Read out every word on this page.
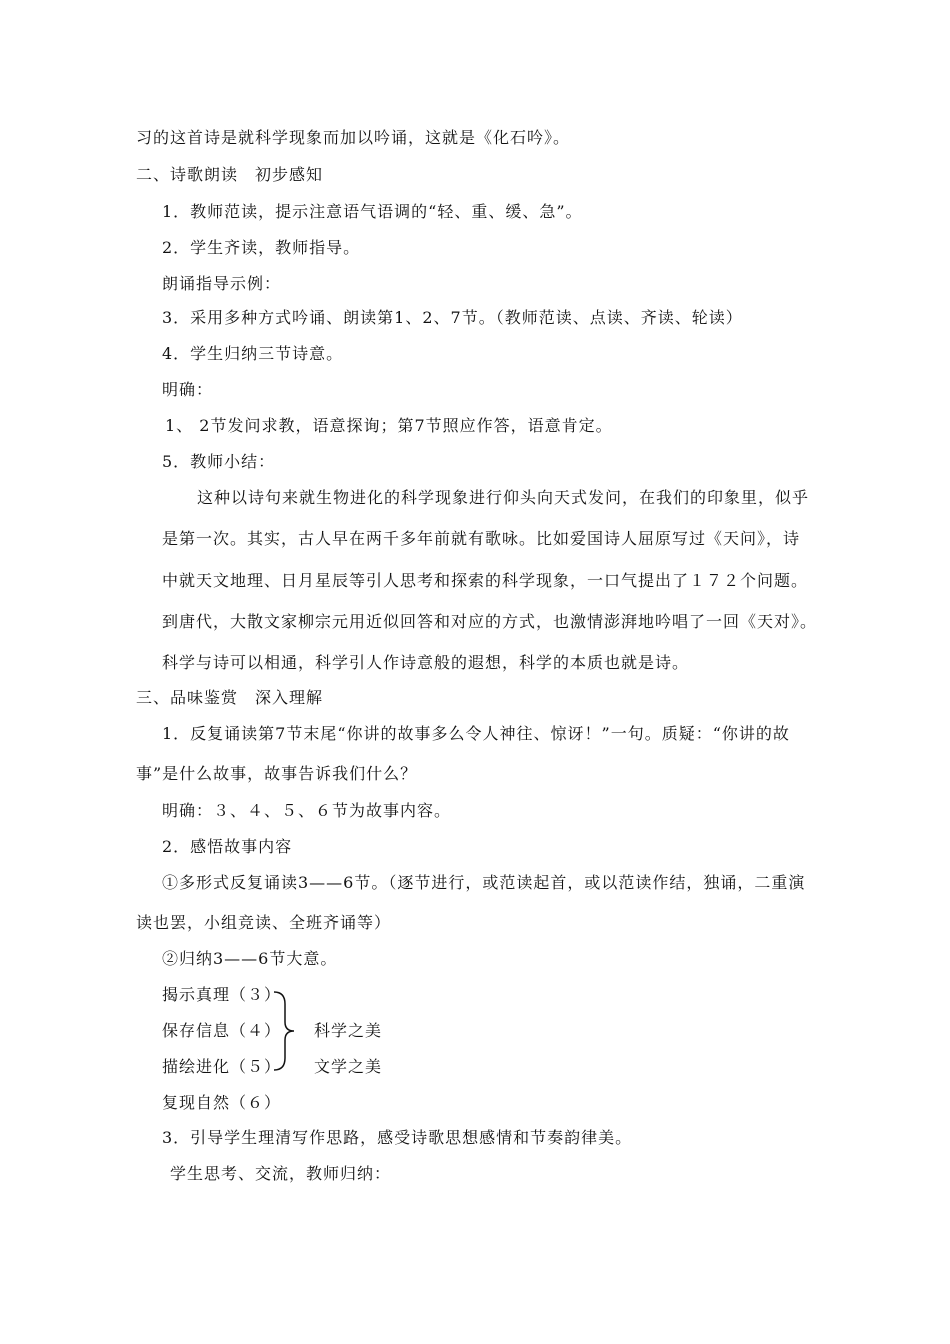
习的这首诗是就科学现象而加以吟诵，这就是《化石吟》。
二、诗歌朗读　初步感知
1．教师范读，提示注意语气语调的“轻、重、缓、急”。
2．学生齐读，教师指导。
朗诵指导示例：
3．采用多种方式吟诵、朗读第1、2、7节。（教师范读、点读、齐读、轮读）
4．学生归纳三节诗意。
明确：
1、 2节发问求教，语意探询；第7节照应作答，语意肯定。
5．教师小结：
这种以诗句来就生物进化的科学现象进行仰头向天式发问，在我们的印象里，似乎
是第一次。其实，古人早在两千多年前就有歌咏。比如爱国诗人屈原写过《天问》，诗
中就天文地理、日月星辰等引人思考和探索的科学现象，一口气提出了１７２个问题。
到唐代，大散文家柳宗元用近似回答和对应的方式，也激情澎湃地吟唱了一回《天对》。
科学与诗可以相通，科学引人作诗意般的遐想，科学的本质也就是诗。
三、品味鉴赏　深入理解
1．反复诵读第7节末尾“你讲的故事多么令人神往、惊讶！”一句。质疑：“你讲的故
事”是什么故事，故事告诉我们什么？
明确：３、４、５、６节为故事内容。
2．感悟故事内容
①多形式反复诵读3——6节。（逐节进行，或范读起首，或以范读作结，独诵，二重演
读也罢，小组竞读、全班齐诵等）
②归纳3——6节大意。
揭示真理（３）
保存信息（４）
描绘进化（５）
复现自然（６）
科学之美
文学之美
3．引导学生理清写作思路，感受诗歌思想感情和节奏韵律美。
学生思考、交流，教师归纳：
